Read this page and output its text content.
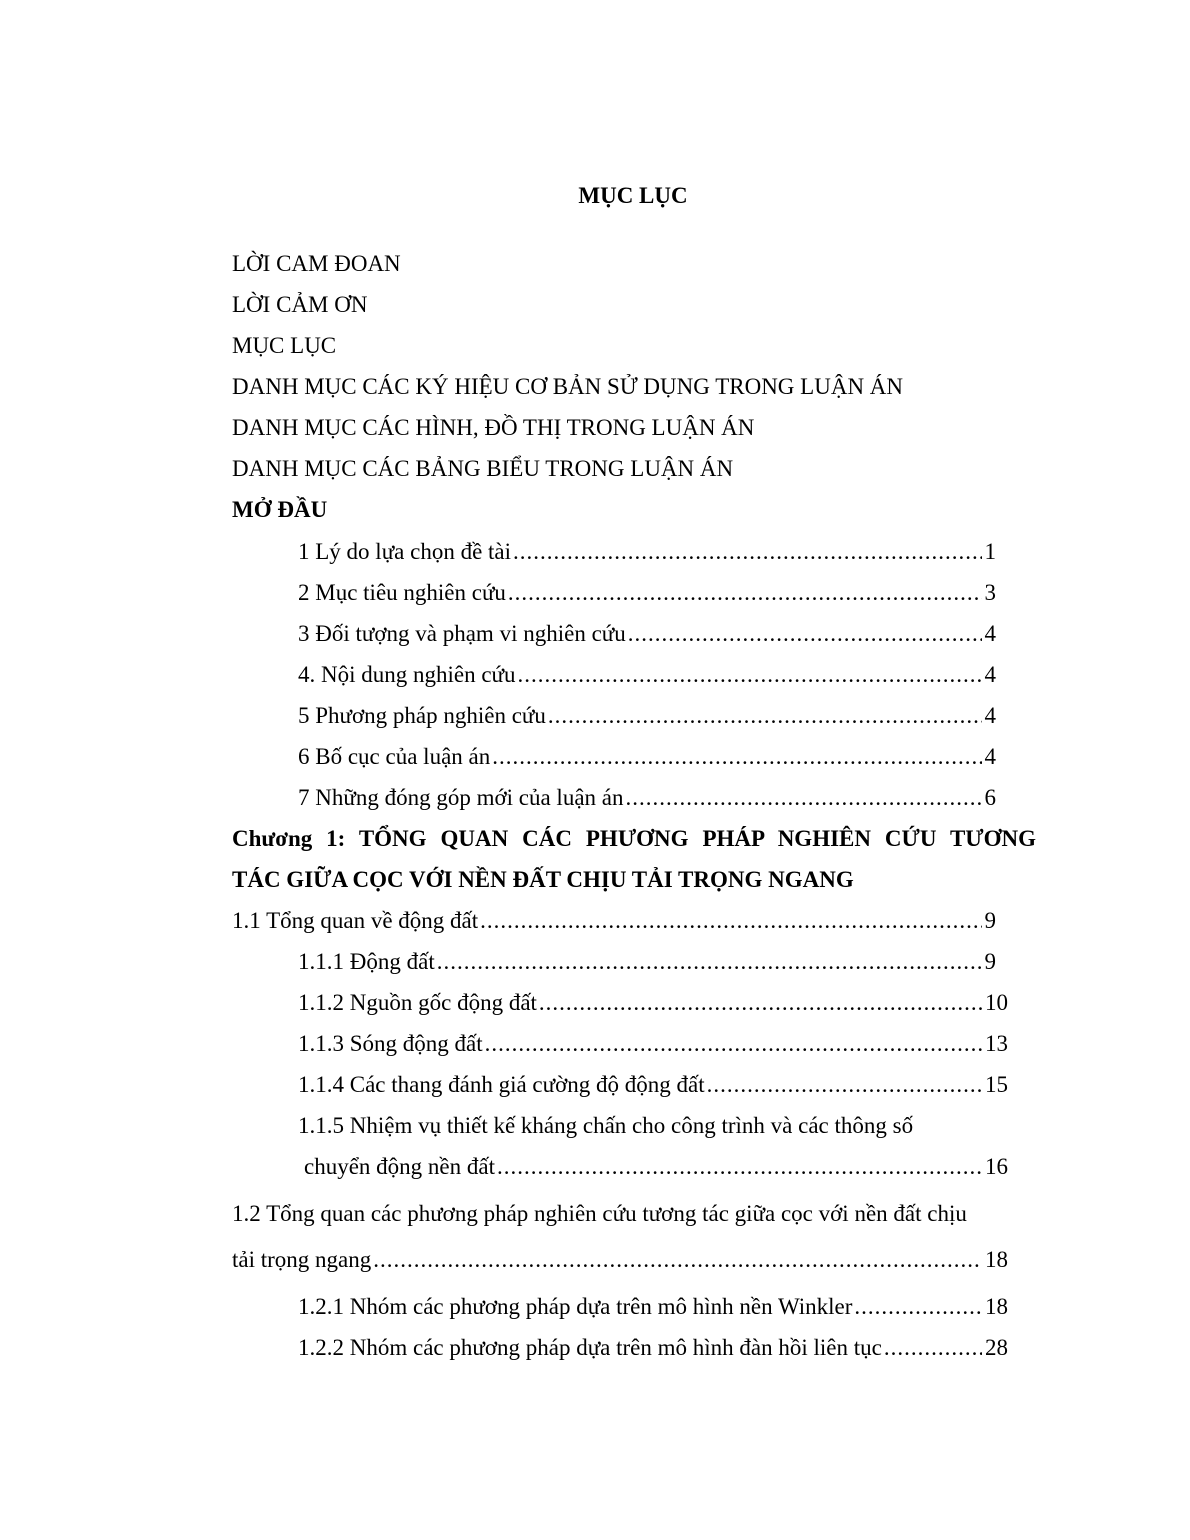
MỤC LỤC
LỜI CAM ĐOAN
LỜI CẢM ƠN
MỤC LỤC
DANH MỤC CÁC KÝ HIỆU CƠ BẢN SỬ DỤNG TRONG LUẬN ÁN
DANH MỤC CÁC HÌNH, ĐỒ THỊ TRONG LUẬN ÁN
DANH MỤC CÁC BẢNG BIỂU TRONG LUẬN ÁN
MỞ ĐẦU
1 Lý do lựa chọn đề tài .....	1
2 Mục tiêu nghiên cứu .....	3
3 Đối tượng và phạm vi nghiên cứu .....	4
4. Nội dung nghiên cứu .....	4
5 Phương pháp nghiên cứu .....	4
6 Bố cục của luận án .....	4
7 Những đóng góp mới của luận án .....	6
Chương 1: TỔNG QUAN CÁC PHƯƠNG PHÁP NGHIÊN CỨU TƯƠNG
TÁC GIỮA CỌC VỚI NỀN ĐẤT CHỊU TẢI TRỌNG NGANG
1.1 Tổng quan về động đất .....	9
1.1.1 Động đất .....	9
1.1.2 Nguồn gốc động đất .....	10
1.1.3 Sóng động đất .....	13
1.1.4 Các thang đánh giá cường độ động đất .....	15
1.1.5 Nhiệm vụ thiết kế kháng chấn cho công trình và các thông số
chuyển động nền đất .....	16
1.2 Tổng quan các phương pháp nghiên cứu tương tác giữa cọc với nền đất chịu
tải trọng ngang .....	18
1.2.1 Nhóm các phương pháp dựa trên mô hình nền Winkler .....	18
1.2.2 Nhóm các phương pháp dựa trên mô hình đàn hồi liên tục .....	28
